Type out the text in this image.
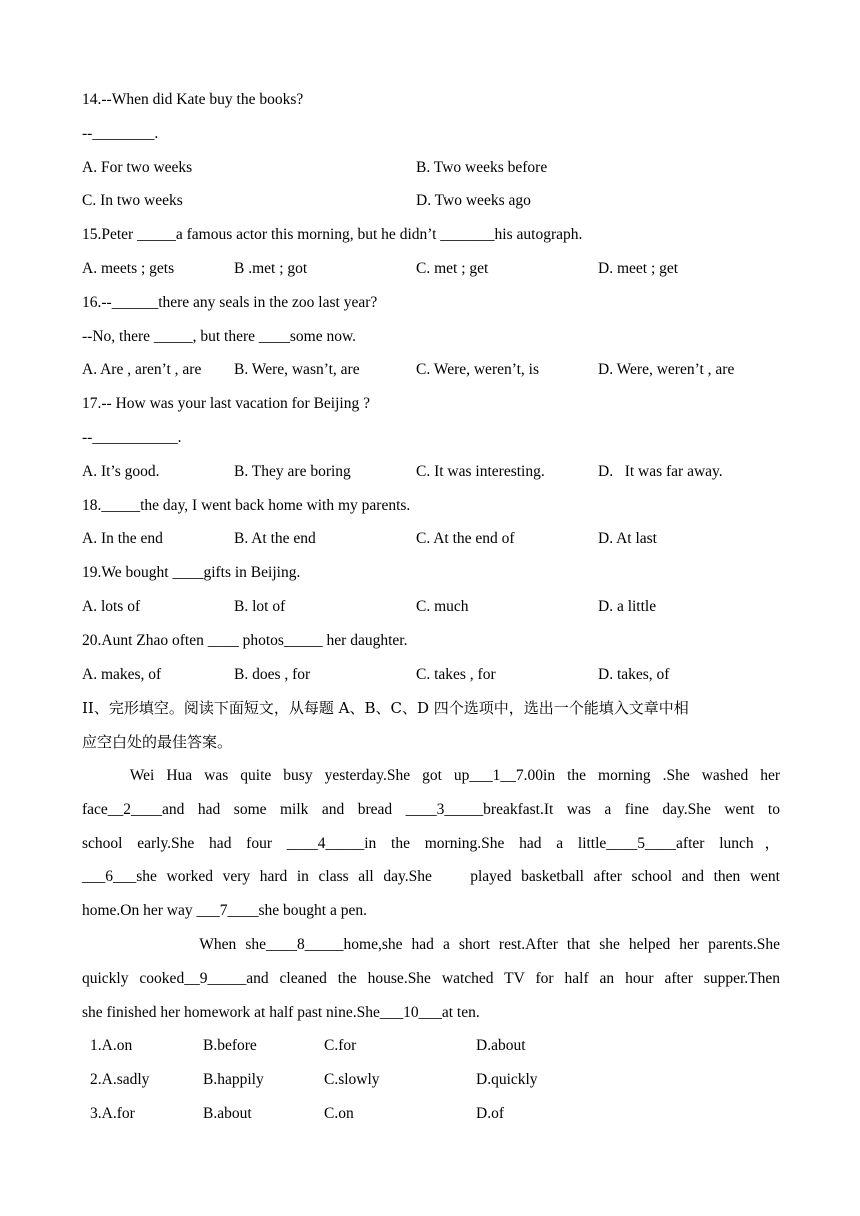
14.--When did Kate buy the books?
--________.
A. For two weeks	B. Two weeks before
C. In two weeks	D. Two weeks ago
15.Peter _____a famous actor this morning, but he didn’t _______his autograph.
A. meets ; gets	B .met ; got	C. met ; get	D. meet ; get
16.--______there any seals in the zoo last year?
--No, there _____, but there ____some now.
A. Are , aren’t , are B. Were, wasn’t, are	C. Were, weren’t, is	D. Were, weren’t , are
17.-- How was your last vacation for Beijing ?
--___________.
A. It’s good.	B. They are boring	C. It was interesting.	D.   It was far away.
18._____the day, I went back home with my parents.
A. In the end	B. At the end	C. At the end of	D. At last
19.We bought ____gifts in Beijing.
A. lots of	B. lot of	C. much	D. a little
20.Aunt Zhao often ____ photos_____ her daughter.
A. makes, of	B. does , for	C. takes , for	D. takes, of
II、完形填空。阅读下面短文，从每题 A、B、C、D 四个选项中，选出一个能填入文章中相
应空白处的最佳答案。
Wei Hua was quite busy yesterday.She got up___1__7.00in the morning .She washed her
face__2____and had some milk and bread ____3_____breakfast.It was a fine day.She went to
school early.She had four ____4_____in the morning.She had a little____5____after lunch，
___6___she worked very hard in class all day.She    played basketball after school and then went
home.On her way ___7____she bought a pen.
When she____8_____home,she had a short rest.After that she helped her parents.She
quickly cooked__9_____and cleaned the house.She watched TV for half an hour after supper.Then
she finished her homework at half past nine.She___10___at ten.
1.A.on	B.before	C.for	D.about
2.A.sadly	B.happily	C.slowly	D.quickly
3.A.for	B.about	C.on	D.of
